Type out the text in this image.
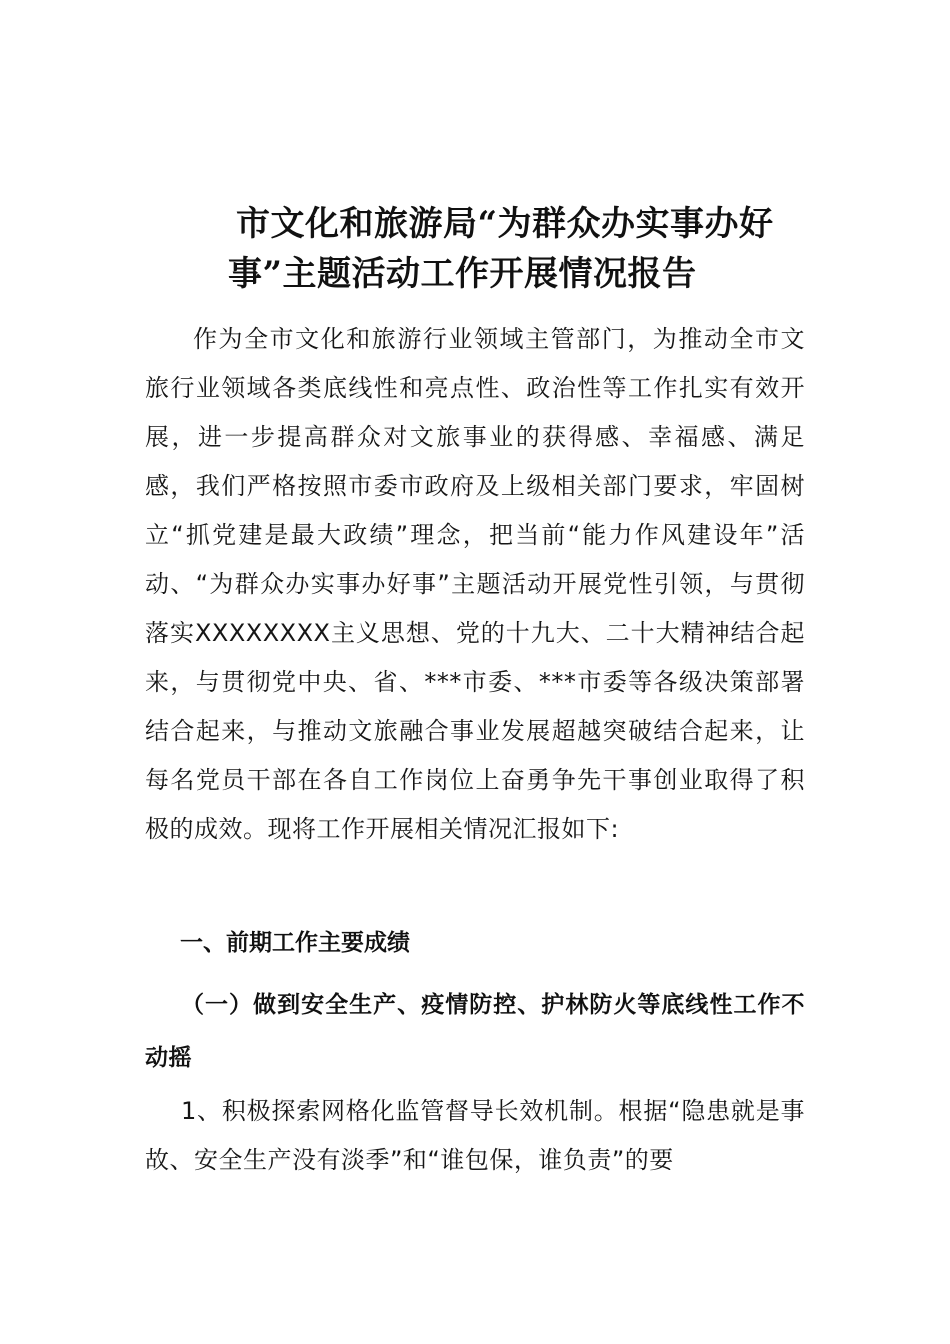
市文化和旅游局“为群众办实事办好
事”主题活动工作开展情况报告

作为全市文化和旅游行业领域主管部门，为推动全市文旅行业领域各类底线性和亮点性、政治性等工作扎实有效开展，进一步提高群众对文旅事业的获得感、幸福感、满足感，我们严格按照市委市政府及上级相关部门要求，牢固树立“抓党建是最大政绩”理念，把当前“能力作风建设年”活动、“为群众办实事办好事”主题活动开展党性引领，与贯彻落实XXXXXXXX主义思想、党的十九大、二十大精神结合起来，与贯彻党中央、省、***市委、***市委等各级决策部署结合起来，与推动文旅融合事业发展超越突破结合起来，让每名党员干部在各自工作岗位上奋勇争先干事创业取得了积极的成效。现将工作开展相关情况汇报如下:

一、前期工作主要成绩

（一）做到安全生产、疫情防控、护林防火等底线性工作不动摇

1、积极探索网格化监管督导长效机制。根据“隐患就是事故、安全生产没有淡季”和“谁包保，谁负责”的要
